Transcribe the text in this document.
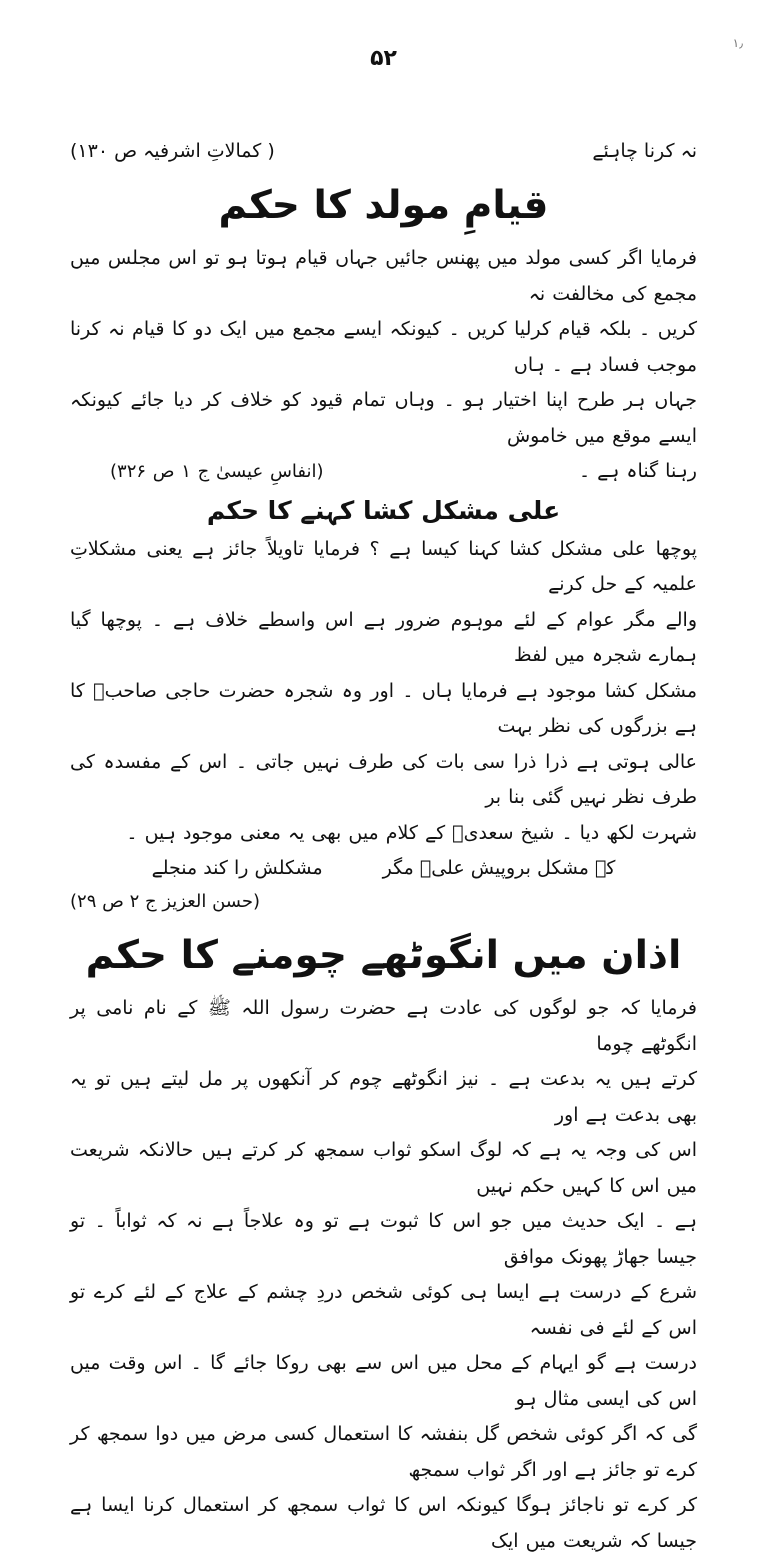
۱٫
۵۲
نہ کرنا چاہئے
( کمالاتِ اشرفیہ ص ۱۳۰)
قیامِ مولد کا حکم

فرمایا اگر کسی مولد میں پھنس جائیں جہاں قیام ہوتا ہو تو اس مجلس میں مجمع کی مخالفت نہ

کریں ۔ بلکہ قیام کرلیا کریں ۔ کیونکہ ایسے مجمع میں ایک دو کا قیام نہ کرنا موجب فساد ہے ۔ ہاں

جہاں ہر طرح اپنا اختیار ہو ۔ وہاں تمام قیود کو خلاف کر دیا جائے کیونکہ ایسے موقع میں خاموش

رہنا گناہ ہے ۔
(انفاسِ عیسیٰ ج ۱ ص ۳۲۶)

علی مشکل کشا کہنے کا حکم

پوچھا علی مشکل کشا کہنا کیسا ہے ؟ فرمایا تاویلاً جائز ہے یعنی مشکلاتِ علمیہ کے حل کرنے

والے مگر عوام کے لئے موہوم ضرور ہے اس واسطے خلاف ہے ۔ پوچھا گیا ہمارے شجرہ میں لفظ

مشکل کشا موجود ہے فرمایا ہاں ۔ اور وہ شجرہ حضرت حاجی صاحبؒ کا ہے بزرگوں کی نظر بہت

عالی ہوتی ہے ذرا ذرا سی بات کی طرف نہیں جاتی ۔ اس کے مفسدہ کی طرف نظر نہیں گئی بنا بر

شہرت لکھ دیا ۔ شیخ سعدیؒ کے کلام میں بھی یہ معنی موجود ہیں ۔

کہ مشکل بروپیش علیؓ مگر
مشکلش را کند منجلے
(حسن العزیز ج ۲ ص ۲۹)
اذان میں انگوٹھے چومنے کا حکم

فرمایا کہ جو لوگوں کی عادت ہے حضرت رسول اللہ ﷺ کے نام نامی پر انگوٹھے چوما

کرتے ہیں یہ بدعت ہے ۔ نیز انگوٹھے چوم کر آنکھوں پر مل لیتے ہیں تو یہ بھی بدعت ہے اور

اس کی وجہ یہ ہے کہ لوگ اسکو ثواب سمجھ کر کرتے ہیں حالانکہ شریعت میں اس کا کہیں حکم نہیں

ہے ۔ ایک حدیث میں جو اس کا ثبوت ہے تو وہ علاجاً ہے نہ کہ ثواباً ۔ تو جیسا جھاڑ پھونک موافق

شرع کے درست ہے ایسا ہی کوئی شخص دردِ چشم کے علاج کے لئے کرے تو اس کے لئے فی نفسہ

درست ہے گو ایہام کے محل میں اس سے بھی روکا جائے گا ۔ اس وقت میں اس کی ایسی مثال ہو

گی کہ اگر کوئی شخص گل بنفشہ کا استعمال کسی مرض میں دوا سمجھ کر کرے تو جائز ہے اور اگر ثواب سمجھ

کر کرے تو ناجائز ہوگا کیونکہ اس کا ثواب سمجھ کر استعمال کرنا ایسا ہے جیسا کہ شریعت میں ایک
